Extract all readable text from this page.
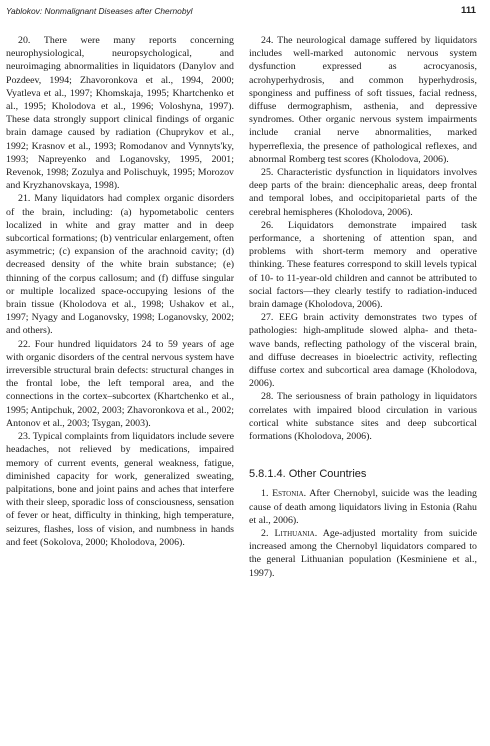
Yablokov: Nonmalignant Diseases after Chernobyl	111

20. There were many reports concerning neurophysiological, neuropsychological, and neuroimaging abnormalities in liquidators (Danylov and Pozdeev, 1994; Zhavoronkova et al., 1994, 2000; Vyatleva et al., 1997; Khomskaja, 1995; Khartchenko et al., 1995; Kholodova et al., 1996; Voloshyna, 1997). These data strongly support clinical findings of organic brain damage caused by radiation (Chuprykov et al., 1992; Krasnov et al., 1993; Romodanov and Vynnyts'ky, 1993; Napreyenko and Loganovsky, 1995, 2001; Revenok, 1998; Zozulya and Polischuyk, 1995; Morozov and Kryzhanovskaya, 1998).

21. Many liquidators had complex organic disorders of the brain, including: (a) hypometabolic centers localized in white and gray matter and in deep subcortical formations; (b) ventricular enlargement, often asymmetric; (c) expansion of the arachnoid cavity; (d) decreased density of the white brain substance; (e) thinning of the corpus callosum; and (f) diffuse singular or multiple localized space-occupying lesions of the brain tissue (Kholodova et al., 1998; Ushakov et al., 1997; Nyagy and Loganovsky, 1998; Loganovsky, 2002; and others).

22. Four hundred liquidators 24 to 59 years of age with organic disorders of the central nervous system have irreversible structural brain defects: structural changes in the frontal lobe, the left temporal area, and the connections in the cortex–subcortex (Khartchenko et al., 1995; Antipchuk, 2002, 2003; Zhavoronkova et al., 2002; Antonov et al., 2003; Tsygan, 2003).

23. Typical complaints from liquidators include severe headaches, not relieved by medications, impaired memory of current events, general weakness, fatigue, diminished capacity for work, generalized sweating, palpitations, bone and joint pains and aches that interfere with their sleep, sporadic loss of consciousness, sensation of fever or heat, difficulty in thinking, high temperature, seizures, flashes, loss of vision, and numbness in hands and feet (Sokolova, 2000; Kholodova, 2006).

24. The neurological damage suffered by liquidators includes well-marked autonomic nervous system dysfunction expressed as acrocyanosis, acrohyperhydrosis, and common hyperhydrosis, sponginess and puffiness of soft tissues, facial redness, diffuse dermographism, asthenia, and depressive syndromes. Other organic nervous system impairments include cranial nerve abnormalities, marked hyperreflexia, the presence of pathological reflexes, and abnormal Romberg test scores (Kholodova, 2006).

25. Characteristic dysfunction in liquidators involves deep parts of the brain: diencephalic areas, deep frontal and temporal lobes, and occipitoparietal parts of the cerebral hemispheres (Kholodova, 2006).

26. Liquidators demonstrate impaired task performance, a shortening of attention span, and problems with short-term memory and operative thinking. These features correspond to skill levels typical of 10- to 11-year-old children and cannot be attributed to social factors—they clearly testify to radiation-induced brain damage (Kholodova, 2006).

27. EEG brain activity demonstrates two types of pathologies: high-amplitude slowed alpha- and theta-wave bands, reflecting pathology of the visceral brain, and diffuse decreases in bioelectric activity, reflecting diffuse cortex and subcortical area damage (Kholodova, 2006).

28. The seriousness of brain pathology in liquidators correlates with impaired blood circulation in various cortical white substance sites and deep subcortical formations (Kholodova, 2006).

5.8.1.4. Other Countries

1. Estonia. After Chernobyl, suicide was the leading cause of death among liquidators living in Estonia (Rahu et al., 2006).

2. Lithuania. Age-adjusted mortality from suicide increased among the Chernobyl liquidators compared to the general Lithuanian population (Kesminiene et al., 1997).
